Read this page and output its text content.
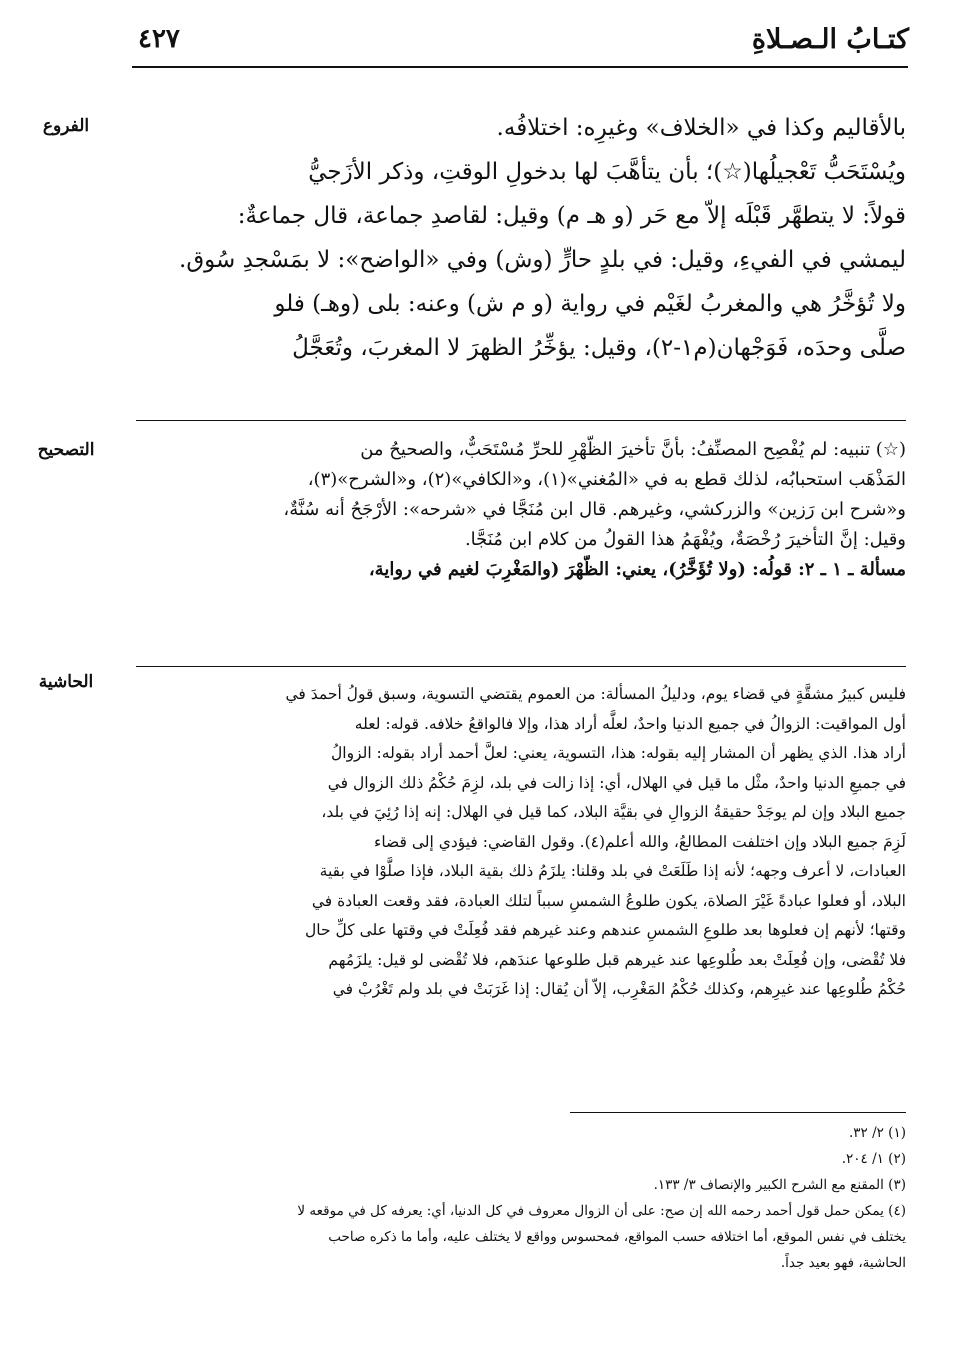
كتـابُ الـصـلاةِ
٤٢٧
الفروع	بالأقاليم وكذا في «الخلاف» وغيرِه: اختلافُه.
ويُسْتَحَبُّ تَعْجيلُها(☆)؛ بأن يتأهَّبَ لها بدخولِ الوقتِ، وذكر الأزَجيُّ
قولاً: لا يتطهَّر قَبْلَه إلاّ مع حَر (و هـ م) وقيل: لقاصدِ جماعة، قال جماعةٌ:
ليمشي في الفيءِ، وقيل: في بلدٍ حارٍّ (وش) وفي «الواضح»: لا بمَسْجدِ سُوق.
ولا تُؤخَّرُ هي والمغربُ لغَيْم في رواية (و م ش) وعنه: بلى (وهـ) فلو
صلَّى وحدَه، فَوَجْهان(م١-٢)، وقيل: يؤخِّرُ الظهرَ لا المغربَ، وتُعَجَّلُ
التصحيح	(☆) تنبيه: لم يُفْصِح المصنِّفُ: بأنَّ تأخيرَ الظُّهْرِ للحرِّ مُسْتَحَبٌّ، والصحيحُ من
المَذْهَب استحبابُه، لذلك قطع به في «المُغني»(١)، و«الكافي»(٢)، و«الشرح»(٣)،
و«شرح ابن رَزين» والزركشي، وغيرهم. قال ابن مُنَجَّا في «شرحه»: الأرْجَحُ أنه سُنَّةٌ،
وقيل: إنَّ التأخيرَ رُخْصَةٌ، ويُفْهَمُ هذا القولُ من كلام ابن مُنَجَّا.
مسألة ـ ١ ـ ٢: قولُه: (ولا تُؤَخَّرُ)، يعني: الظُّهْرَ (والمَغْرِبَ لغيم في رواية،
الحاشية
فليس كبيرُ مشقَّةٍ في قضاء يوم، ودليلُ المسألة: من العموم يقتضي التسوية، وسبق قولُ أحمدَ في
أول المواقيت: الزوالُ في جميع الدنيا واحدٌ، لعلَّه أراد هذا، وإلا فالواقعُ خلافه. قوله: لعله
أراد هذا. الذي يظهر أن المشار إليه بقوله: هذا، التسوية، يعني: لعلَّ أحمد أراد بقوله: الزوالُ
في جميعِ الدنيا واحدٌ، مثْل ما قيل في الهلال، أي: إذا زالت في بلد، لزِمَ حُكْمُ ذلك الزوال في
جميع البلاد وإن لم يوجَدْ حقيقةُ الزوالِ في بقيَّة البلاد، كما قيل في الهلال: إنه إذا رُئِيَ في بلد،
لَزِمَ جميع البلاد وإن اختلفت المطالعُ، والله أعلم(٤). وقول القاضي: فيؤدي إلى قضاء
العبادات، لا أعرف وجهه؛ لأنه إذا طَلَعَتْ في بلد وقلنا: يلزَمُ ذلك بقية البلاد، فإذا صلَّوْا في بقية
البلاد، أو فعلوا عبادةً غَيْرَ الصلاة، يكون طلوعُ الشمسِ سبباً لتلك العبادة، فقد وقعت العبادة في
وقتها؛ لأنهم إن فعلوها بعد طلوعِ الشمسِ عندهم وعند غيرهم فقد فُعِلَتْ في وقتها على كلِّ حال
فلا تُقْضى، وإن فُعِلَتْ بعد طُلوعِها عند غيرهم قبل طلوعها عندَهم، فلا تُقْضى لو قيل: يلزَمُهم
حُكْمُ طُلوعِها عند غيرِهم، وكذلك حُكْمُ المَغْرِب، إلاّ أن يُقال: إذا غَرَبَتْ في بلد ولم تَغْرُبْ في
(١) ٢/ ٣٢.
(٢) ١/ ٢٠٤.
(٣) المقنع مع الشرح الكبير والإنصاف ٣/ ١٣٣.
(٤) يمكن حمل قول أحمد رحمه الله إن صح: على أن الزوال معروف في كل الدنيا، أي: يعرفه كل في موقعه لا
يختلف في نفس الموقع، أما اختلافه حسب المواقع، فمحسوس وواقع لا يختلف عليه، وأما ما ذكره صاحب
الحاشية، فهو بعيد جداً.
